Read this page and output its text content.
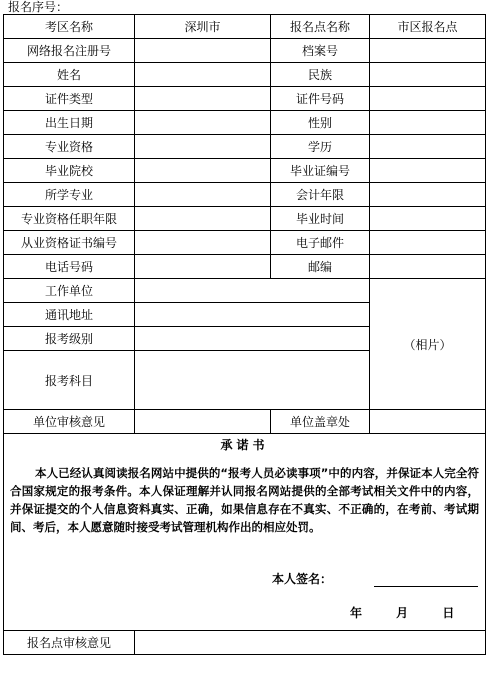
报名序号：
考区名称	深圳市	报名点名称	市区报名点
网络报名注册号		档案号	
姓名		民族	
证件类型		证件号码	
出生日期		性别	
专业资格		学历	
毕业院校		毕业证编号	
所学专业		会计年限	
专业资格任职年限		毕业时间	
从业资格证书编号		电子邮件	
电话号码		邮编	
工作单位			（相片）
通讯地址			
报考级别			
报考科目			
单位审核意见		单位盖章处	

承诺书
本人已经认真阅读报名网站中提供的“报考人员必读事项”中的内容，并保证本人完全符合国家规定的报考条件。本人保证理解并认同报名网站提供的全部考试相关文件中的内容，并保证提交的个人信息资料真实、正确，如果信息存在不真实、不正确的，在考前、考试期间、考后，本人愿意随时接受考试管理机构作出的相应处罚。
本人签名：
年 月 日			

报名点审核意见			
